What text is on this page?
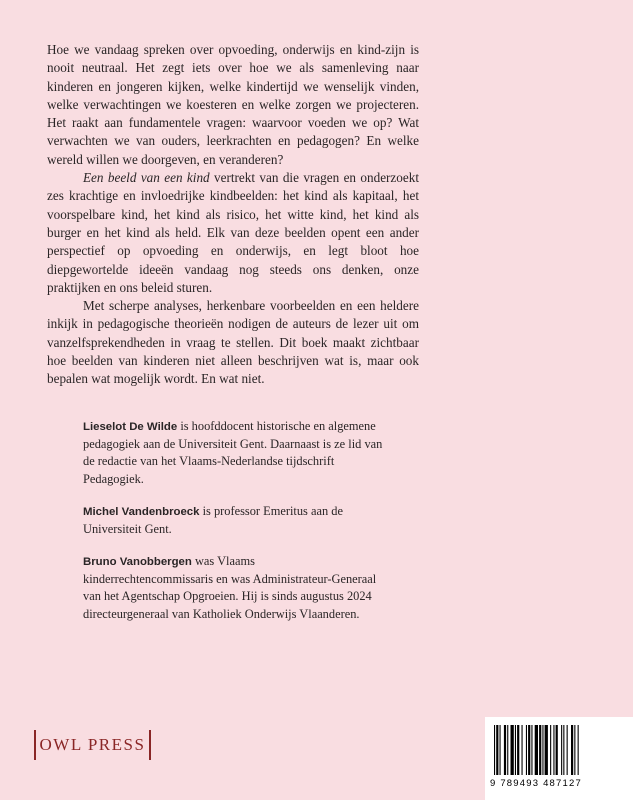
Hoe we vandaag spreken over opvoeding, onderwijs en kind-zijn is nooit neutraal. Het zegt iets over hoe we als samenleving naar kinderen en jongeren kijken, welke kindertijd we wenselijk vinden, welke verwachtingen we koesteren en welke zorgen we projecteren. Het raakt aan fundamentele vragen: waarvoor voeden we op? Wat verwachten we van ouders, leerkrachten en pedagogen? En welke wereld willen we doorgeven, en veranderen?

Een beeld van een kind vertrekt van die vragen en onderzoekt zes krachtige en invloedrijke kindbeelden: het kind als kapitaal, het voorspelbare kind, het kind als risico, het witte kind, het kind als burger en het kind als held. Elk van deze beelden opent een ander perspectief op opvoeding en onderwijs, en legt bloot hoe diepgewortelde ideeën vandaag nog steeds ons denken, onze praktijken en ons beleid sturen.

Met scherpe analyses, herkenbare voorbeelden en een heldere inkijk in pedagogische theorieën nodigen de auteurs de lezer uit om vanzelfsprekendheden in vraag te stellen. Dit boek maakt zichtbaar hoe beelden van kinderen niet alleen beschrijven wat is, maar ook bepalen wat mogelijk wordt. En wat niet.

Lieselot De Wilde is hoofddocent historische en algemene pedagogiek aan de Universiteit Gent. Daarnaast is ze lid van de redactie van het Vlaams-Nederlandse tijdschrift Pedagogiek.

Michel Vandenbroeck is professor Emeritus aan de Universiteit Gent.

Bruno Vanobbergen was Vlaams kinderrechtencommissaris en was Administrateur-Generaal van het Agentschap Opgroeien. Hij is sinds augustus 2024 directeurgeneraal van Katholiek Onderwijs Vlaanderen.

OWL PRESS
9 789493 487127
